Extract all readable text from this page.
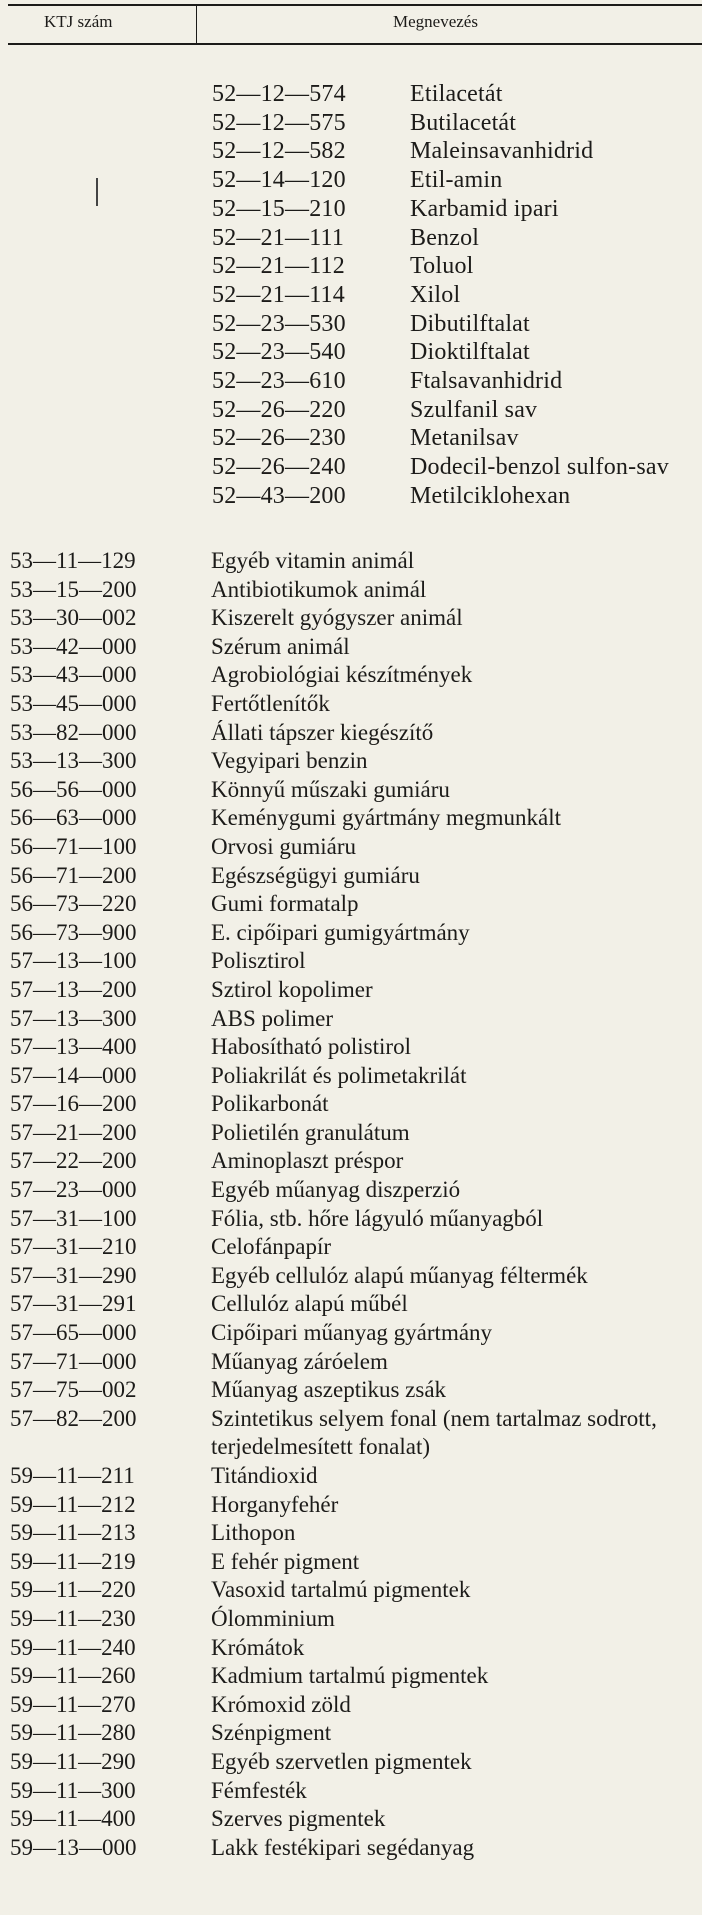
KTJ szám	Megnevezés
52—12—574	Etilacetát
52—12—575	Butilacetát
52—12—582	Maleinsavanhidrid
52—14—120	Etil-amin
52—15—210	Karbamid ipari
52—21—111	Benzol
52—21—112	Toluol
52—21—114	Xilol
52—23—530	Dibutilftalat
52—23—540	Dioktilftalat
52—23—610	Ftalsavanhidrid
52—26—220	Szulfanil sav
52—26—230	Metanilsav
52—26—240	Dodecil-benzol sulfon-sav
52—43—200	Metilciklohexan
53—11—129	Egyéb vitamin animál
53—15—200	Antibiotikumok animál
53—30—002	Kiszerelt gyógyszer animál
53—42—000	Szérum animál
53—43—000	Agrobiológiai készítmények
53—45—000	Fertőtlenítők
53—82—000	Állati tápszer kiegészítő
53—13—300	Vegyipari benzin
56—56—000	Könnyű műszaki gumiáru
56—63—000	Keménygumi gyártmány megmunkált
56—71—100	Orvosi gumiáru
56—71—200	Egészségügyi gumiáru
56—73—220	Gumi formatalp
56—73—900	E. cipőipari gumigyártmány
57—13—100	Polisztirol
57—13—200	Sztirol kopolimer
57—13—300	ABS polimer
57—13—400	Habosítható polistirol
57—14—000	Poliakrilát és polimetakrilát
57—16—200	Polikarbonát
57—21—200	Polietilén granulátum
57—22—200	Aminoplaszt préspor
57—23—000	Egyéb műanyag diszperzió
57—31—100	Fólia, stb. hőre lágyuló műanyagból
57—31—210	Celofánpapír
57—31—290	Egyéb cellulóz alapú műanyag féltermék
57—31—291	Cellulóz alapú műbél
57—65—000	Cipőipari műanyag gyártmány
57—71—000	Műanyag záróelem
57—75—002	Műanyag aszeptikus zsák
57—82—200	Szintetikus selyem fonal (nem tartalmaz sodrott, terjedelmesített fonalat)
59—11—211	Titándioxid
59—11—212	Horganyfehér
59—11—213	Lithopon
59—11—219	E fehér pigment
59—11—220	Vasoxid tartalmú pigmentek
59—11—230	Ólomminium
59—11—240	Krómátok
59—11—260	Kadmium tartalmú pigmentek
59—11—270	Krómoxid zöld
59—11—280	Szénpigment
59—11—290	Egyéb szervetlen pigmentek
59—11—300	Fémfesték
59—11—400	Szerves pigmentek
59—13—000	Lakk festékipari segédanyag
